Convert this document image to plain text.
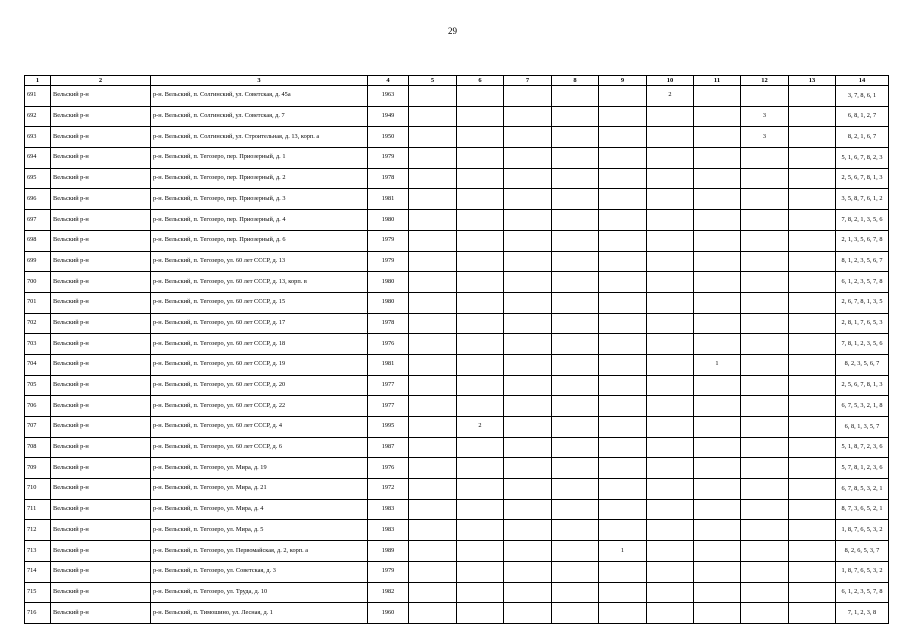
29
1	2	3	4	5	6	7	8	9	10	11	12	13	14
691	Вельский р-н	р-н. Вельский, п. Солгинский, ул. Советская, д. 45а	1963						2				3, 7, 8, 6, 1
692	Вельский р-н	р-н. Вельский, п. Солгинский, ул. Советская, д. 7	1949								3		6, 8, 1, 2, 7
693	Вельский р-н	р-н. Вельский, п. Солгинский, ул. Строительная, д. 13, корп. а	1950								3		8, 2, 1, 6, 7
694	Вельский р-н	р-н. Вельский, п. Тегозеро, пер. Приозерный, д. 1	1979										5, 1, 6, 7, 8, 2, 3
695	Вельский р-н	р-н. Вельский, п. Тегозеро, пер. Приозерный, д. 2	1978										2, 5, 6, 7, 8, 1, 3
696	Вельский р-н	р-н. Вельский, п. Тегозеро, пер. Приозерный, д. 3	1981										3, 5, 8, 7, 6, 1, 2
697	Вельский р-н	р-н. Вельский, п. Тегозеро, пер. Приозерный, д. 4	1980										7, 8, 2, 1, 3, 5, 6
698	Вельский р-н	р-н. Вельский, п. Тегозеро, пер. Приозерный, д. 6	1979										2, 1, 3, 5, 6, 7, 8
699	Вельский р-н	р-н. Вельский, п. Тегозеро, ул. 60 лет СССР, д. 13	1979										8, 1, 2, 3, 5, 6, 7
700	Вельский р-н	р-н. Вельский, п. Тегозеро, ул. 60 лет СССР, д. 13, корп. в	1980										6, 1, 2, 3, 5, 7, 8
701	Вельский р-н	р-н. Вельский, п. Тегозеро, ул. 60 лет СССР, д. 15	1980										2, 6, 7, 8, 1, 3, 5
702	Вельский р-н	р-н. Вельский, п. Тегозеро, ул. 60 лет СССР, д. 17	1978										2, 8, 1, 7, 6, 5, 3
703	Вельский р-н	р-н. Вельский, п. Тегозеро, ул. 60 лет СССР, д. 18	1976										7, 8, 1, 2, 3, 5, 6
704	Вельский р-н	р-н. Вельский, п. Тегозеро, ул. 60 лет СССР, д. 19	1981							1			8, 2, 3, 5, 6, 7
705	Вельский р-н	р-н. Вельский, п. Тегозеро, ул. 60 лет СССР, д. 20	1977										2, 5, 6, 7, 8, 1, 3
706	Вельский р-н	р-н. Вельский, п. Тегозеро, ул. 60 лет СССР, д. 22	1977										6, 7, 5, 3, 2, 1, 8
707	Вельский р-н	р-н. Вельский, п. Тегозеро, ул. 60 лет СССР, д. 4	1995		2								6, 8, 1, 3, 5, 7
708	Вельский р-н	р-н. Вельский, п. Тегозеро, ул. 60 лет СССР, д. 6	1987										5, 1, 8, 7, 2, 3, 6
709	Вельский р-н	р-н. Вельский, п. Тегозеро, ул. Мира, д. 19	1976										5, 7, 8, 1, 2, 3, 6
710	Вельский р-н	р-н. Вельский, п. Тегозеро, ул. Мира, д. 21	1972										6, 7, 8, 5, 3, 2, 1
711	Вельский р-н	р-н. Вельский, п. Тегозеро, ул. Мира, д. 4	1983										8, 7, 3, 6, 5, 2, 1
712	Вельский р-н	р-н. Вельский, п. Тегозеро, ул. Мира, д. 5	1983										1, 8, 7, 6, 5, 3, 2
713	Вельский р-н	р-н. Вельский, п. Тегозеро, ул. Первомайская, д. 2, корп. а	1989					1					8, 2, 6, 5, 3, 7
714	Вельский р-н	р-н. Вельский, п. Тегозеро, ул. Советская, д. 3	1979										1, 8, 7, 6, 5, 3, 2
715	Вельский р-н	р-н. Вельский, п. Тегозеро, ул. Труда, д. 10	1982										6, 1, 2, 3, 5, 7, 8
716	Вельский р-н	р-н. Вельский, п. Тимошино, ул. Лесная, д. 1	1960										7, 1, 2, 3, 8
